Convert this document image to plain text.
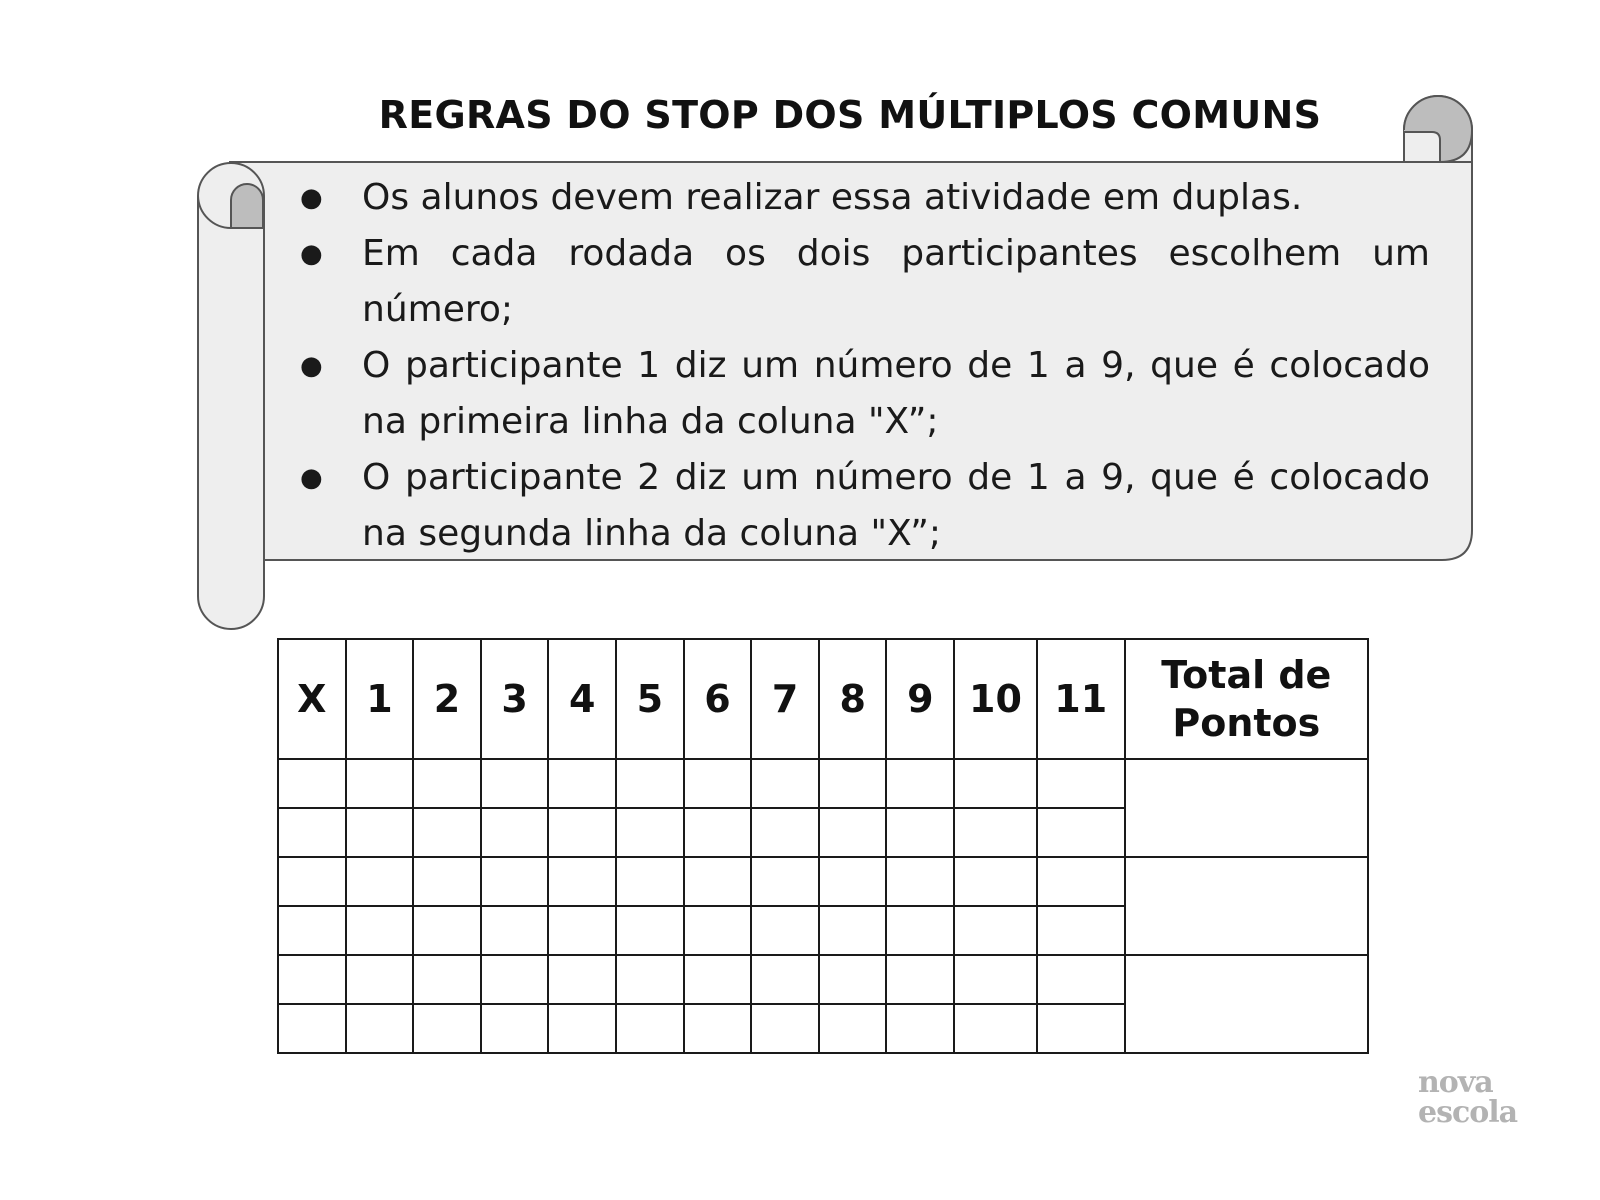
REGRAS DO STOP DOS MÚLTIPLOS COMUNS
● Os alunos devem realizar essa atividade em duplas.
● Em cada rodada os dois participantes escolhem um número;
● O participante 1 diz um número de 1 a 9, que é colocado na primeira linha da coluna "X”;
● O participante 2 diz um número de 1 a 9, que é colocado na segunda linha da coluna "X”;
X	1	2	3	4	5	6	7	8	9	10	11	Total de
Pontos

nova
escola
